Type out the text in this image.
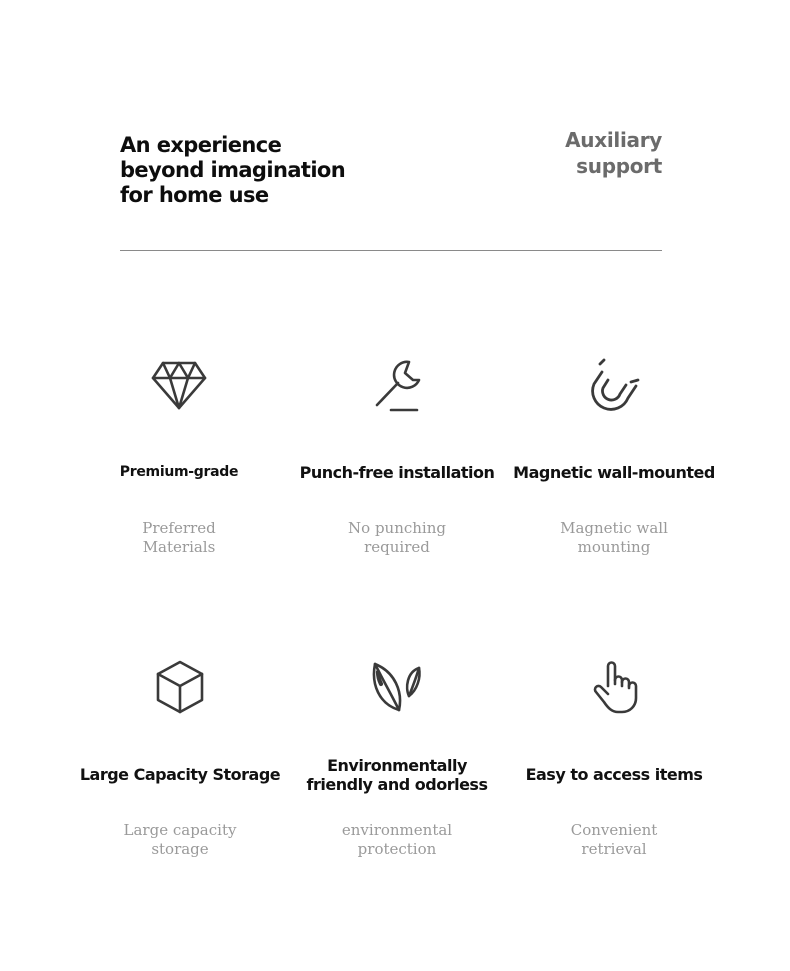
An experience
beyond imagination
for home use
Auxiliary
support
Premium-grade
Preferred
Materials
Punch-free installation
No punching
required
Magnetic wall-mounted
Magnetic wall
mounting
Large Capacity Storage
Large capacity
storage
Environmentally
friendly and odorless
environmental
protection
Easy to access items
Convenient
retrieval
